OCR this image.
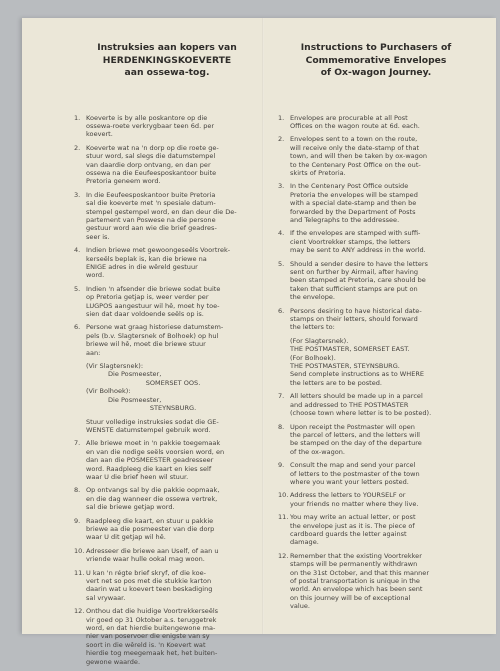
Instruksies aan kopers van
HERDENKINGSKOEVERTE
aan ossewa-tog.
1. Koeverte is by alle poskantore op die
ossewa-roete verkrygbaar teen 6d. per
koevert.
2. Koeverte wat na 'n dorp op die roete ge-
stuur word, sal slegs die datumstempel
van daardie dorp ontvang, en dan per
ossewa na die Eeufeesposkantoor buite
Pretoria geneem word.
3. In die Eeufeesposkantoor buite Pretoria
sal die koeverte met 'n spesiale datum-
stempel gestempel word, en dan deur die De-
partement van Poswese na die persone
gestuur word aan wie die brief geadres-
seer is.
4. Indien briewe met gewoongeseëls Voortrek-
kerseëls beplak is, kan die briewe na
ENIGE adres in die wêreld gestuur
word.
5. Indien 'n afsender die briewe sodat buite
op Pretoria getjap is, weer verder per
LUGPOS aangestuur wil hê, moet hy toe-
sien dat daar voldoende seëls op is.
6. Persone wat graag historiese datumstem-
pels (b.v. Slagtersnek of Bolhoek) op hul
briewe wil hê, moet die briewe stuur
aan:
(Vir Slagtersnek):
Die Posmeester,
SOMERSET OOS.
(Vir Bolhoek):
Die Posmeester,
STEYNSBURG.
Stuur volledige instruksies sodat die GE-
WENSTE datumstempel gebruik word.
7. Alle briewe moet in 'n pakkie toegemaak
en van die nodige seëls voorsien word, en
dan aan die POSMEESTER geadresseer
word. Raadpleeg die kaart en kies self
waar U die brief heen wil stuur.
8. Op ontvangs sal by die pakkie oopmaak,
en die dag wanneer die ossewa vertrek,
sal die briewe getjap word.
9. Raadpleeg die kaart, en stuur u pakkie
briewe aa die posmeester van die dorp
waar U dit getjap wil hê.
10. Adresseer die briewe aan Uself, of aan u
vriende waar hulle ookal mag woon.
11. U kan 'n régte brief skryf, of die koe-
vert net so pos met die stukkie karton
daarin wat u koevert teen beskadiging
sal vrywaar.
12. Onthou dat die huidige Voortrekkerseëls
vir goed op 31 Oktober a.s. teruggetrek
word, en dat hierdie buitengewone ma-
nier van poservoer die enigste van sy
soort in die wêreld is. 'n Koevert wat
hierdie tog meegemaak het, het buiten-
gewone waarde.
Instructions to Purchasers of
Commemorative Envelopes
of Ox-wagon Journey.
1. Envelopes are procurable at all Post
Offices on the wagon route at 6d. each.
2. Envelopes sent to a town on the route,
will receive only the date-stamp of that
town, and will then be taken by ox-wagon
to the Centenary Post Office on the out-
skirts of Pretoria.
3. In the Centenary Post Office outside
Pretoria the envelopes will be stamped
with a special date-stamp and then be
forwarded by the Department of Posts
and Telegraphs to the addressee.
4. If the envelopes are stamped with suffi-
cient Voortrekker stamps, the letters
may be sent to ANY address in the world.
5. Should a sender desire to have the letters
sent on further by Airmail, after having
been stamped at Pretoria, care should be
taken that sufficient stamps are put on
the envelope.
6. Persons desiring to have historical date-
stamps on their letters, should forward
the letters to:
(For Slagtersnek).
THE POSTMASTER, SOMERSET EAST.
(For Bolhoek).
THE POSTMASTER, STEYNSBURG.
Send complete instructions as to WHERE
the letters are to be posted.
7. All letters should be made up in a parcel
and addressed to THE POSTMASTER
(choose town where letter is to be posted).
8. Upon receipt the Postmaster will open
the parcel of letters, and the letters will
be stamped on the day of the departure
of the ox-wagon.
9. Consult the map and send your parcel
of letters to the postmaster of the town
where you want your letters posted.
10. Address the letters to YOURSELF or
your friends no matter where they live.
11. You may write an actual letter, or post
the envelope just as it is. The piece of
cardboard guards the letter against
damage.
12. Remember that the existing Voortrekker
stamps will be permanently withdrawn
on the 31st October, and that this manner
of postal transportation is unique in the
world. An envelope which has been sent
on this journey will be of exceptional
value.
